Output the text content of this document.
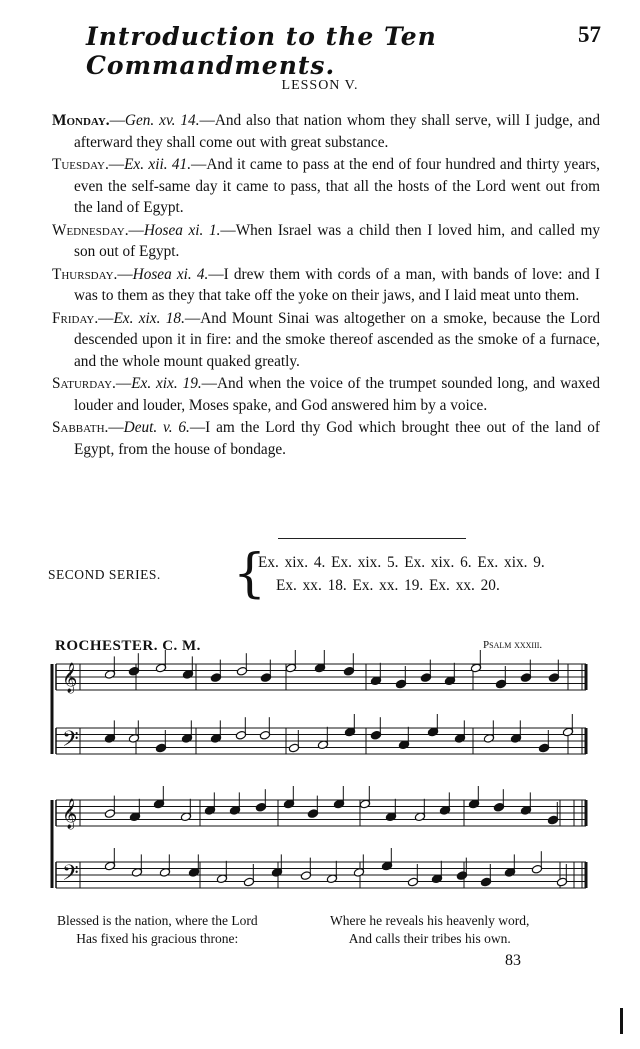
Introduction to the Ten Commandments.
57
LESSON V.

Monday.—Gen. xv. 14.—And also that nation whom they shall serve, will I judge, and afterward they shall come out with great substance.

Tuesday.—Ex. xii. 41.—And it came to pass at the end of four hundred and thirty years, even the self-same day it came to pass, that all the hosts of the Lord went out from the land of Egypt.

Wednesday.—Hosea xi. 1.—When Israel was a child then I loved him, and called my son out of Egypt.

Thursday.—Hosea xi. 4.—I drew them with cords of a man, with bands of love: and I was to them as they that take off the yoke on their jaws, and I laid meat unto them.

Friday.—Ex. xix. 18.—And Mount Sinai was altogether on a smoke, because the Lord descended upon it in fire: and the smoke thereof ascended as the smoke of a furnace, and the whole mount quaked greatly.

Saturday.—Ex. xix. 19.—And when the voice of the trumpet sounded long, and waxed louder and louder, Moses spake, and God answered him by a voice.

Sabbath.—Deut. v. 6.—I am the Lord thy God which brought thee out of the land of Egypt, from the house of bondage.

SECOND SERIES. {
Ex. xix. 4. Ex. xix. 5. Ex. xix. 6. Ex. xix. 9.
Ex. xx. 18. Ex. xx. 19. Ex. xx. 20.
ROCHESTER. C. M.	Psalm xxxiii.
𝄞
𝄢
𝄞
𝄢
Blessed is the nation, where the Lord
Has fixed his gracious throne:
Where he reveals his heavenly word,
And calls their tribes his own.
83
